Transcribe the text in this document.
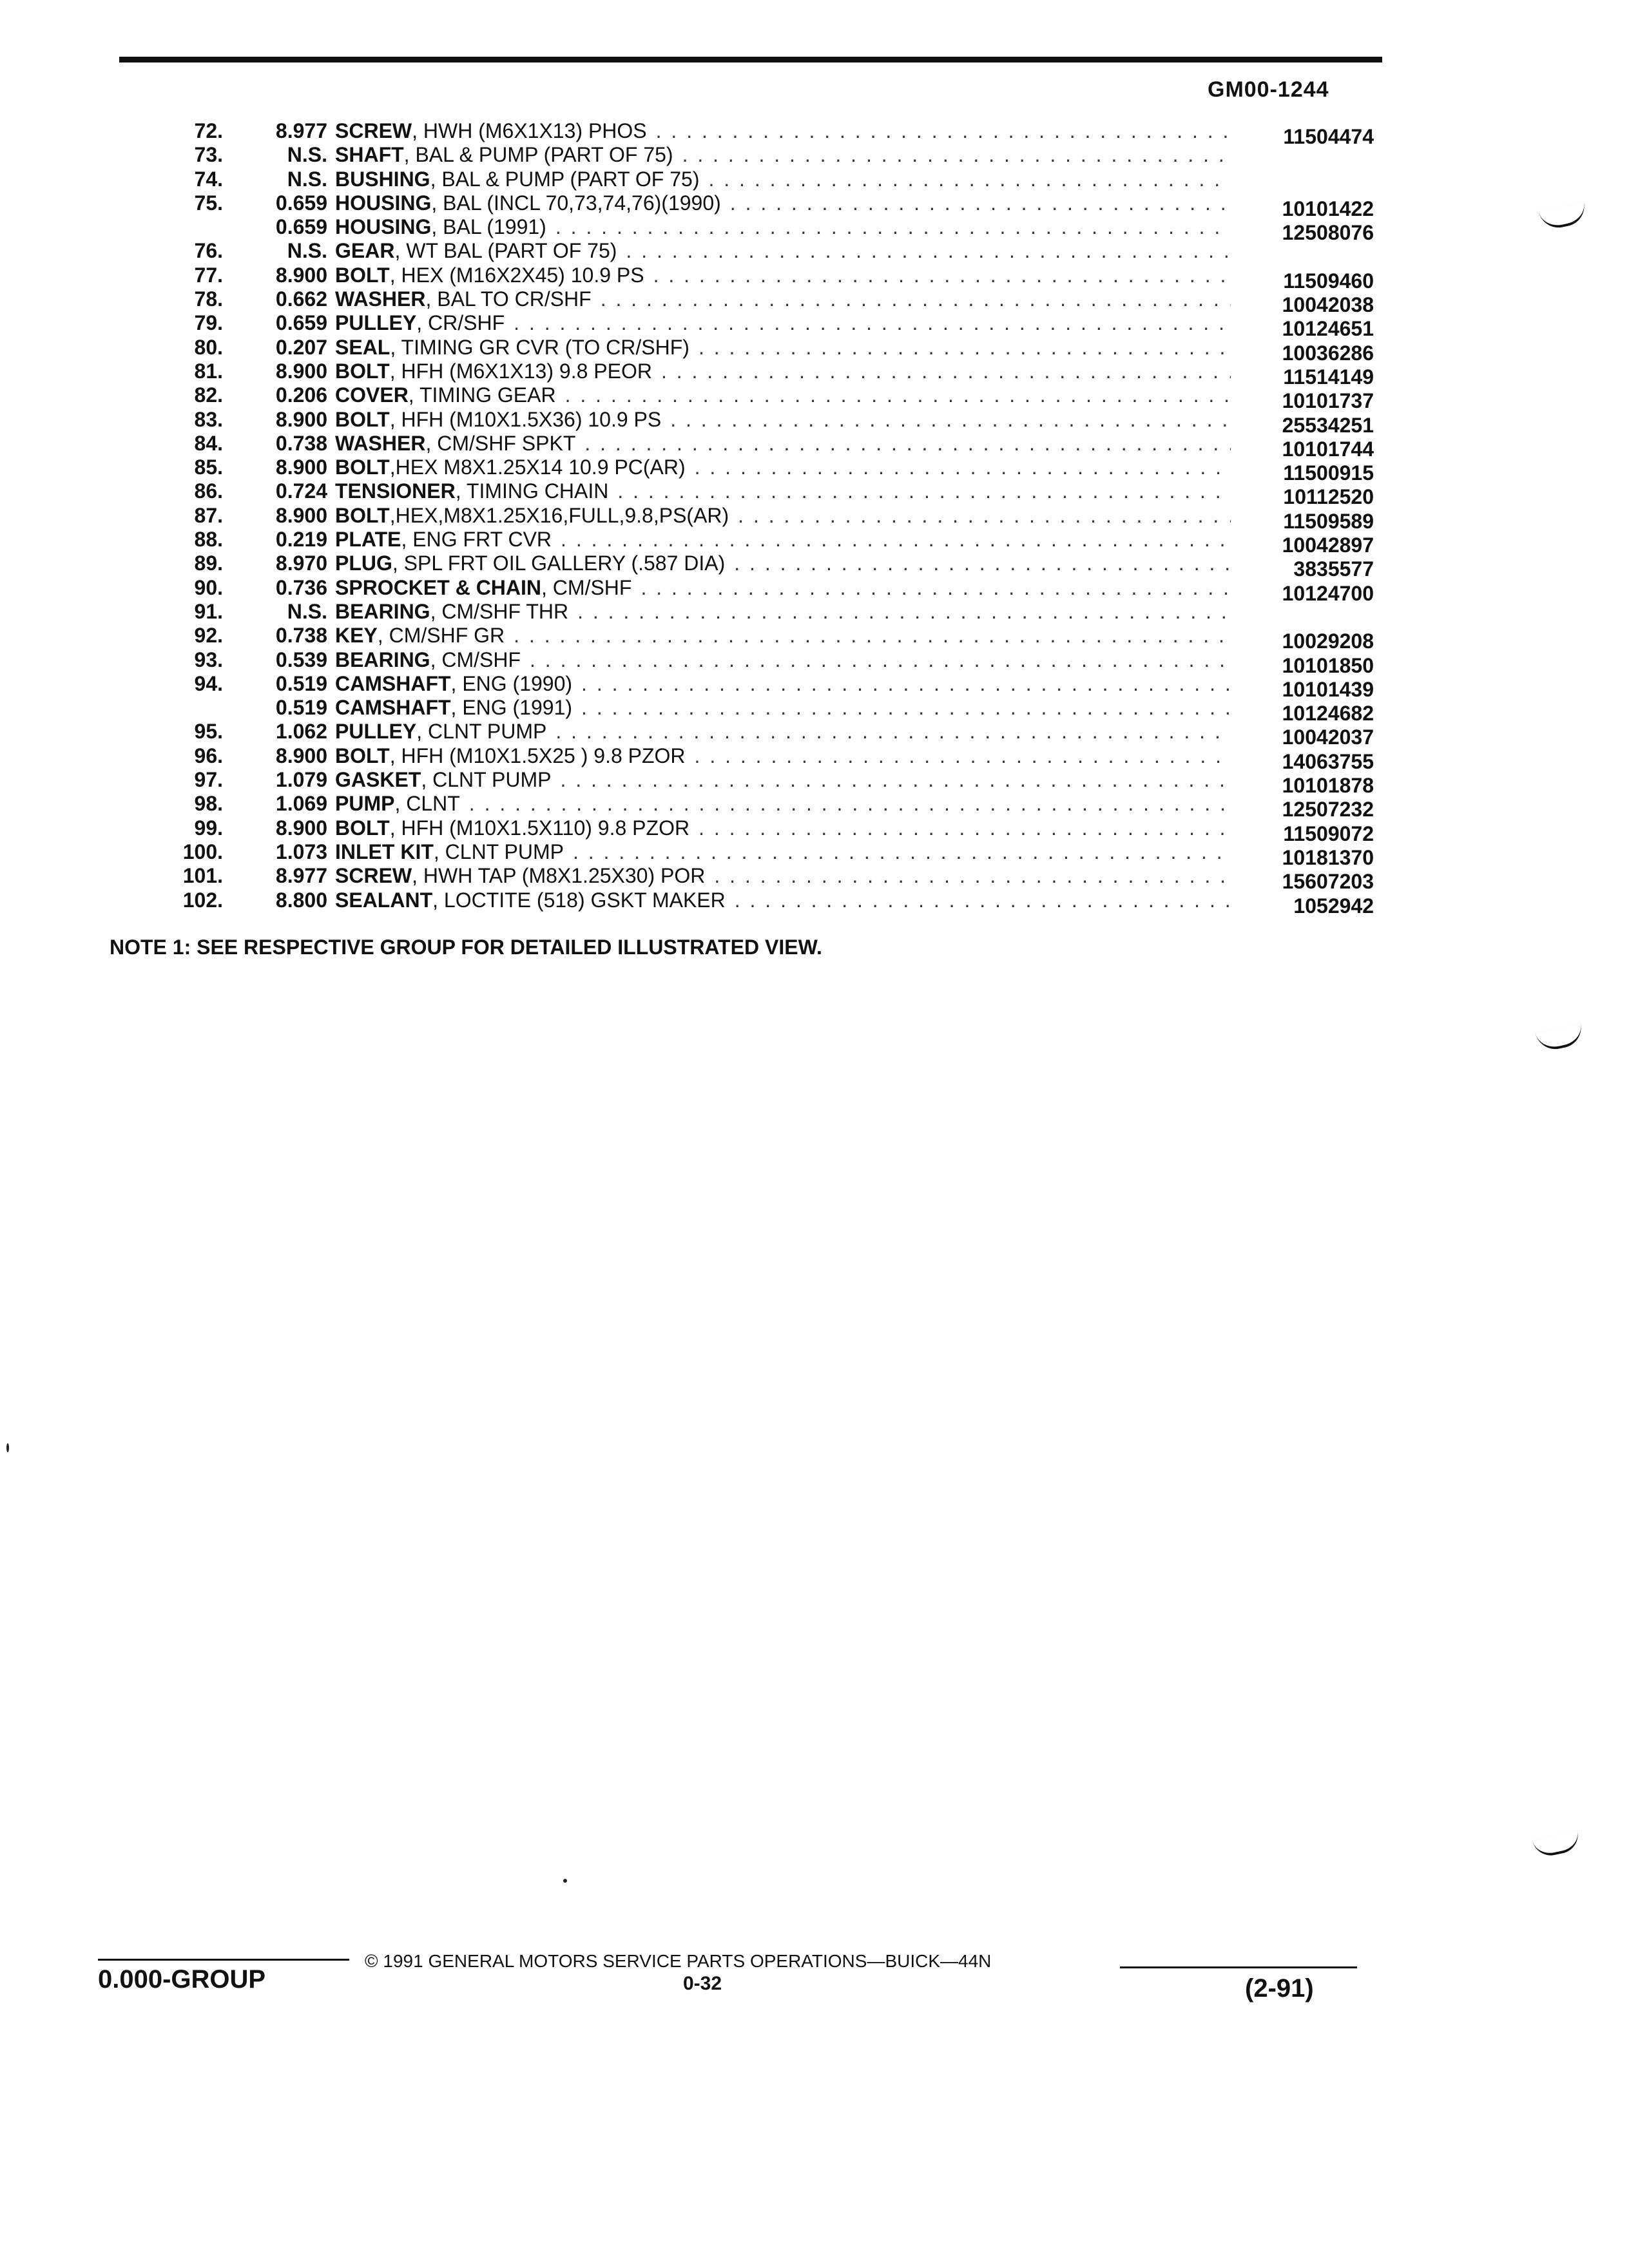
GM00-1244
72.	8.977 SCREW , HWH (M6X1X13) PHOS . . .	11504474
73.	N.S. SHAFT , BAL & PUMP (PART OF 75)
. . .
74.	N.S. BUSHING , BAL & PUMP (PART OF 75)
. . .
75.	0.659 HOUSING , BAL (INCL 70,73,74,76)(1990) . . .	10101422
0.659 HOUSING , BAL (1991) . . .	12508076
76.	N.S. GEAR , WT BAL (PART OF 75)
. . .
77.	8.900 BOLT , HEX (M16X2X45) 10.9 PS . . .	11509460
78.	0.662 WASHER , BAL TO CR/SHF . . .	10042038
79.	0.659 PULLEY , CR/SHF . . .	10124651
80.	0.207 SEAL , TIMING GR CVR (TO CR/SHF) . . .	10036286
81.	8.900 BOLT , HFH (M6X1X13) 9.8 PEOR . . .	11514149
82.	0.206 COVER , TIMING GEAR . . .	10101737
83.	8.900 BOLT , HFH (M10X1.5X36) 10.9 PS . . .	25534251
84.	0.738 WASHER , CM/SHF SPKT . . .	10101744
85.	8.900 BOLT ,HEX M8X1.25X14 10.9 PC(AR) . . .	11500915
86.	0.724 TENSIONER , TIMING CHAIN . . .	10112520
87.	8.900 BOLT ,HEX,M8X1.25X16,FULL,9.8,PS(AR) . . .	11509589
88.	0.219 PLATE , ENG FRT CVR . . .	10042897
89.	8.970 PLUG , SPL FRT OIL GALLERY (.587 DIA) . . .	3835577
90.	0.736 SPROCKET & CHAIN , CM/SHF . . .	10124700
91.	N.S. BEARING , CM/SHF THR
. . .
92.	0.738 KEY , CM/SHF GR . . .	10029208
93.	0.539 BEARING , CM/SHF . . .	10101850
94.	0.519 CAMSHAFT , ENG (1990) . . .	10101439
0.519 CAMSHAFT , ENG (1991) . . .	10124682
95.	1.062 PULLEY , CLNT PUMP . . .	10042037
96.	8.900 BOLT , HFH (M10X1.5X25 ) 9.8 PZOR . . .	14063755
97.	1.079 GASKET , CLNT PUMP . . .	10101878
98.	1.069 PUMP , CLNT . . .	12507232
99.	8.900 BOLT , HFH (M10X1.5X110) 9.8 PZOR . . .	11509072
100.	1.073 INLET KIT , CLNT PUMP . . .	10181370
101.	8.977 SCREW , HWH TAP (M8X1.25X30) POR . . .	15607203
102.	8.800 SEALANT , LOCTITE (518) GSKT MAKER . . .	1052942
NOTE 1: SEE RESPECTIVE GROUP FOR DETAILED ILLUSTRATED VIEW.
© 1991 GENERAL MOTORS SERVICE PARTS OPERATIONS—BUICK—44N
0.000-GROUP	0-32	(2-91)
